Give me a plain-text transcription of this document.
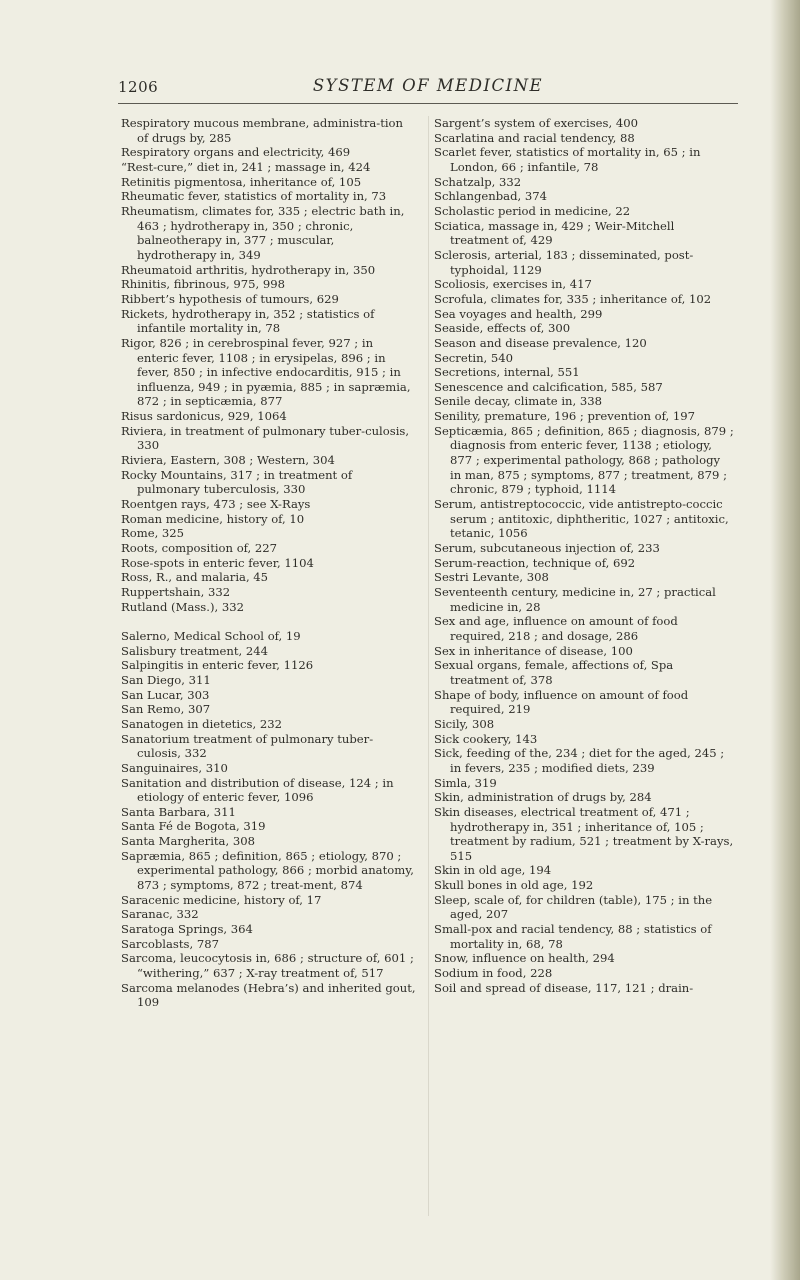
1206	SYSTEM OF MEDICINE
Respiratory mucous membrane, administra-tion of drugs by, 285
Respiratory organs and electricity, 469
“Rest-cure,” diet in, 241 ; massage in, 424
Retinitis pigmentosa, inheritance of, 105
Rheumatic fever, statistics of mortality in, 73
Rheumatism, climates for, 335 ; electric bath in, 463 ; hydrotherapy in, 350 ; chronic, balneotherapy in, 377 ; muscular, hydrotherapy in, 349
Rheumatoid arthritis, hydrotherapy in, 350
Rhinitis, fibrinous, 975, 998
Ribbert’s hypothesis of tumours, 629
Rickets, hydrotherapy in, 352 ; statistics of infantile mortality in, 78
Rigor, 826 ; in cerebrospinal fever, 927 ; in enteric fever, 1108 ; in erysipelas, 896 ; in fever, 850 ; in infective endocarditis, 915 ; in influenza, 949 ; in pyæmia, 885 ; in sapræmia, 872 ; in septicæmia, 877
Risus sardonicus, 929, 1064
Riviera, in treatment of pulmonary tuber-culosis, 330
Riviera, Eastern, 308 ; Western, 304
Rocky Mountains, 317 ; in treatment of pulmonary tuberculosis, 330
Roentgen rays, 473 ; see X-Rays
Roman medicine, history of, 10
Rome, 325
Roots, composition of, 227
Rose-spots in enteric fever, 1104
Ross, R., and malaria, 45
Ruppertshain, 332
Rutland (Mass.), 332
Salerno, Medical School of, 19
Salisbury treatment, 244
Salpingitis in enteric fever, 1126
San Diego, 311
San Lucar, 303
San Remo, 307
Sanatogen in dietetics, 232
Sanatorium treatment of pulmonary tuber-culosis, 332
Sanguinaires, 310
Sanitation and distribution of disease, 124 ; in etiology of enteric fever, 1096
Santa Barbara, 311
Santa Fé de Bogota, 319
Santa Margherita, 308
Sapræmia, 865 ; definition, 865 ; etiology, 870 ; experimental pathology, 866 ; morbid anatomy, 873 ; symptoms, 872 ; treat-ment, 874
Saracenic medicine, history of, 17
Saranac, 332
Saratoga Springs, 364
Sarcoblasts, 787
Sarcoma, leucocytosis in, 686 ; structure of, 601 ; “withering,” 637 ; X-ray treatment of, 517
Sarcoma melanodes (Hebra’s) and inherited gout, 109
Sargent’s system of exercises, 400
Scarlatina and racial tendency, 88
Scarlet fever, statistics of mortality in, 65 ; in London, 66 ; infantile, 78
Schatzalp, 332
Schlangenbad, 374
Scholastic period in medicine, 22
Sciatica, massage in, 429 ; Weir-Mitchell treatment of, 429
Sclerosis, arterial, 183 ; disseminated, post-typhoidal, 1129
Scoliosis, exercises in, 417
Scrofula, climates for, 335 ; inheritance of, 102
Sea voyages and health, 299
Seaside, effects of, 300
Season and disease prevalence, 120
Secretin, 540
Secretions, internal, 551
Senescence and calcification, 585, 587
Senile decay, climate in, 338
Senility, premature, 196 ; prevention of, 197
Septicæmia, 865 ; definition, 865 ; diagnosis, 879 ; diagnosis from enteric fever, 1138 ; etiology, 877 ; experimental pathology, 868 ; pathology in man, 875 ; symptoms, 877 ; treatment, 879 ; chronic, 879 ; typhoid, 1114
Serum, antistreptococcic, vide antistrepto-coccic serum ; antitoxic, diphtheritic, 1027 ; antitoxic, tetanic, 1056
Serum, subcutaneous injection of, 233
Serum-reaction, technique of, 692
Sestri Levante, 308
Seventeenth century, medicine in, 27 ; practical medicine in, 28
Sex and age, influence on amount of food required, 218 ; and dosage, 286
Sex in inheritance of disease, 100
Sexual organs, female, affections of, Spa treatment of, 378
Shape of body, influence on amount of food required, 219
Sicily, 308
Sick cookery, 143
Sick, feeding of the, 234 ; diet for the aged, 245 ; in fevers, 235 ; modified diets, 239
Simla, 319
Skin, administration of drugs by, 284
Skin diseases, electrical treatment of, 471 ; hydrotherapy in, 351 ; inheritance of, 105 ; treatment by radium, 521 ; treatment by X-rays, 515
Skin in old age, 194
Skull bones in old age, 192
Sleep, scale of, for children (table), 175 ; in the aged, 207
Small-pox and racial tendency, 88 ; statistics of mortality in, 68, 78
Snow, influence on health, 294
Sodium in food, 228
Soil and spread of disease, 117, 121 ; drain-
